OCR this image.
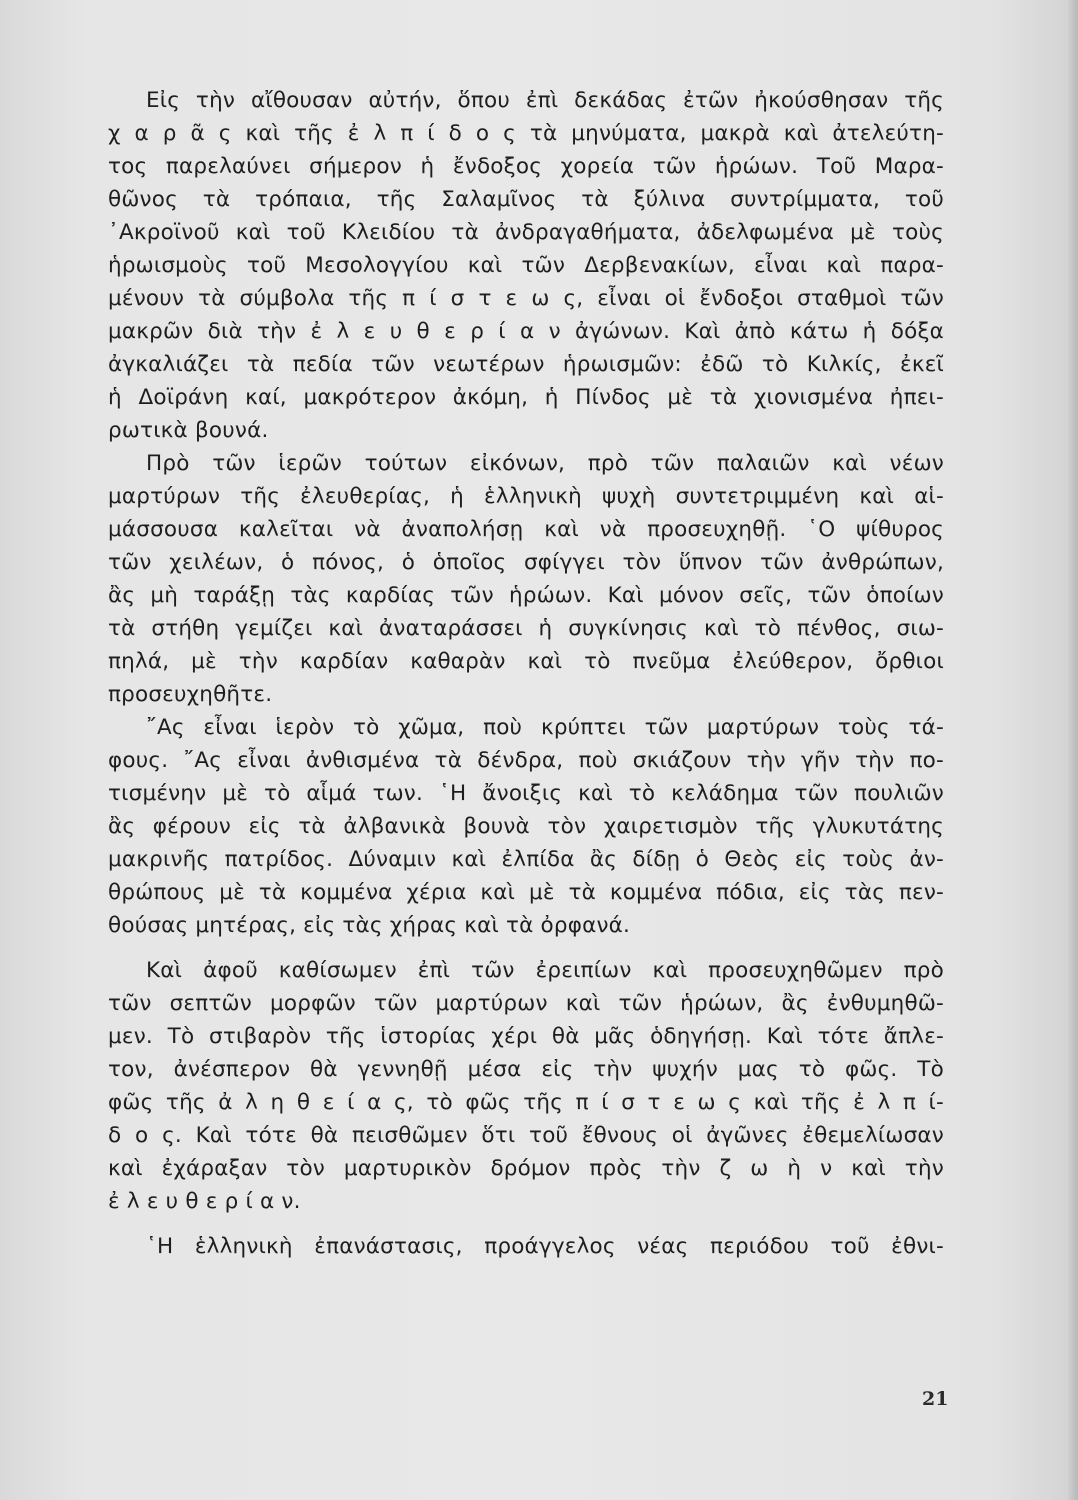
Εἰς τὴν αἴθουσαν αὐτήν, ὅπου ἐπὶ δεκάδας ἐτῶν ἠκούσθησαν τῆς
χ α ρ ᾶ ς καὶ τῆς ἐ λ π ί δ ο ς τὰ μηνύματα, μακρὰ καὶ ἀτελεύτη-
τος παρελαύνει σήμερον ἡ ἔνδοξος χορεία τῶν ἡρώων. Τοῦ Μαρα-
θῶνος τὰ τρόπαια, τῆς Σαλαμῖνος τὰ ξύλινα συντρίμματα, τοῦ
᾿Ακροϊνοῦ καὶ τοῦ Κλειδίου τὰ ἀνδραγαθήματα, ἀδελφωμένα μὲ τοὺς
ἡρωισμοὺς τοῦ Μεσολογγίου καὶ τῶν Δερβενακίων, εἶναι καὶ παρα-
μένουν τὰ σύμβολα τῆς π ί σ τ ε ω ς, εἶναι οἱ ἔνδοξοι σταθμοὶ τῶν
μακρῶν διὰ τὴν ἐ λ ε υ θ ε ρ ί α ν ἀγώνων. Καὶ ἀπὸ κάτω ἡ δόξα
ἀγκαλιάζει τὰ πεδία τῶν νεωτέρων ἡρωισμῶν: ἐδῶ τὸ Κιλκίς, ἐκεῖ
ἡ Δοϊράνη καί, μακρότερον ἀκόμη, ἡ Πίνδος μὲ τὰ χιονισμένα ἠπει-
ρωτικὰ βουνά.
Πρὸ τῶν ἱερῶν τούτων εἰκόνων, πρὸ τῶν παλαιῶν καὶ νέων
μαρτύρων τῆς ἐλευθερίας, ἡ ἑλληνικὴ ψυχὴ συντετριμμένη καὶ αἱ-
μάσσουσα καλεῖται νὰ ἀναπολήσῃ καὶ νὰ προσευχηθῇ. ῾Ο ψίθυρος
τῶν χειλέων, ὁ πόνος, ὁ ὁποῖος σφίγγει τὸν ὕπνον τῶν ἀνθρώπων,
ἂς μὴ ταράξῃ τὰς καρδίας τῶν ἡρώων. Καὶ μόνον σεῖς, τῶν ὁποίων
τὰ στήθη γεμίζει καὶ ἀναταράσσει ἡ συγκίνησις καὶ τὸ πένθος, σιω-
πηλά, μὲ τὴν καρδίαν καθαρὰν καὶ τὸ πνεῦμα ἐλεύθερον, ὄρθιοι
προσευχηθῆτε.
῎Ας εἶναι ἱερὸν τὸ χῶμα, ποὺ κρύπτει τῶν μαρτύρων τοὺς τά-
φους. ῎Ας εἶναι ἀνθισμένα τὰ δένδρα, ποὺ σκιάζουν τὴν γῆν τὴν πο-
τισμένην μὲ τὸ αἷμά των. ῾Η ἄνοιξις καὶ τὸ κελάδημα τῶν πουλιῶν
ἂς φέρουν εἰς τὰ ἀλβανικὰ βουνὰ τὸν χαιρετισμὸν τῆς γλυκυτάτης
μακρινῆς πατρίδος. Δύναμιν καὶ ἐλπίδα ἂς δίδῃ ὁ Θεὸς εἰς τοὺς ἀν-
θρώπους μὲ τὰ κομμένα χέρια καὶ μὲ τὰ κομμένα πόδια, εἰς τὰς πεν-
θούσας μητέρας, εἰς τὰς χήρας καὶ τὰ ὀρφανά.
Καὶ ἀφοῦ καθίσωμεν ἐπὶ τῶν ἐρειπίων καὶ προσευχηθῶμεν πρὸ
τῶν σεπτῶν μορφῶν τῶν μαρτύρων καὶ τῶν ἡρώων, ἂς ἐνθυμηθῶ-
μεν. Τὸ στιβαρὸν τῆς ἱστορίας χέρι θὰ μᾶς ὁδηγήσῃ. Καὶ τότε ἄπλε-
τον, ἀνέσπερον θὰ γεννηθῇ μέσα εἰς τὴν ψυχήν μας τὸ φῶς. Τὸ
φῶς τῆς ἀ λ η θ ε ί α ς, τὸ φῶς τῆς π ί σ τ ε ω ς καὶ τῆς ἐ λ π ί-
δ ο ς. Καὶ τότε θὰ πεισθῶμεν ὅτι τοῦ ἔθνους οἱ ἀγῶνες ἐθεμελίωσαν
καὶ ἐχάραξαν τὸν μαρτυρικὸν δρόμον πρὸς τὴν ζ ω ὴ ν καὶ τὴν
ἐ λ ε υ θ ε ρ ί α ν.
῾Η ἑλληνικὴ ἐπανάστασις, προάγγελος νέας περιόδου τοῦ ἐθνι-
21
